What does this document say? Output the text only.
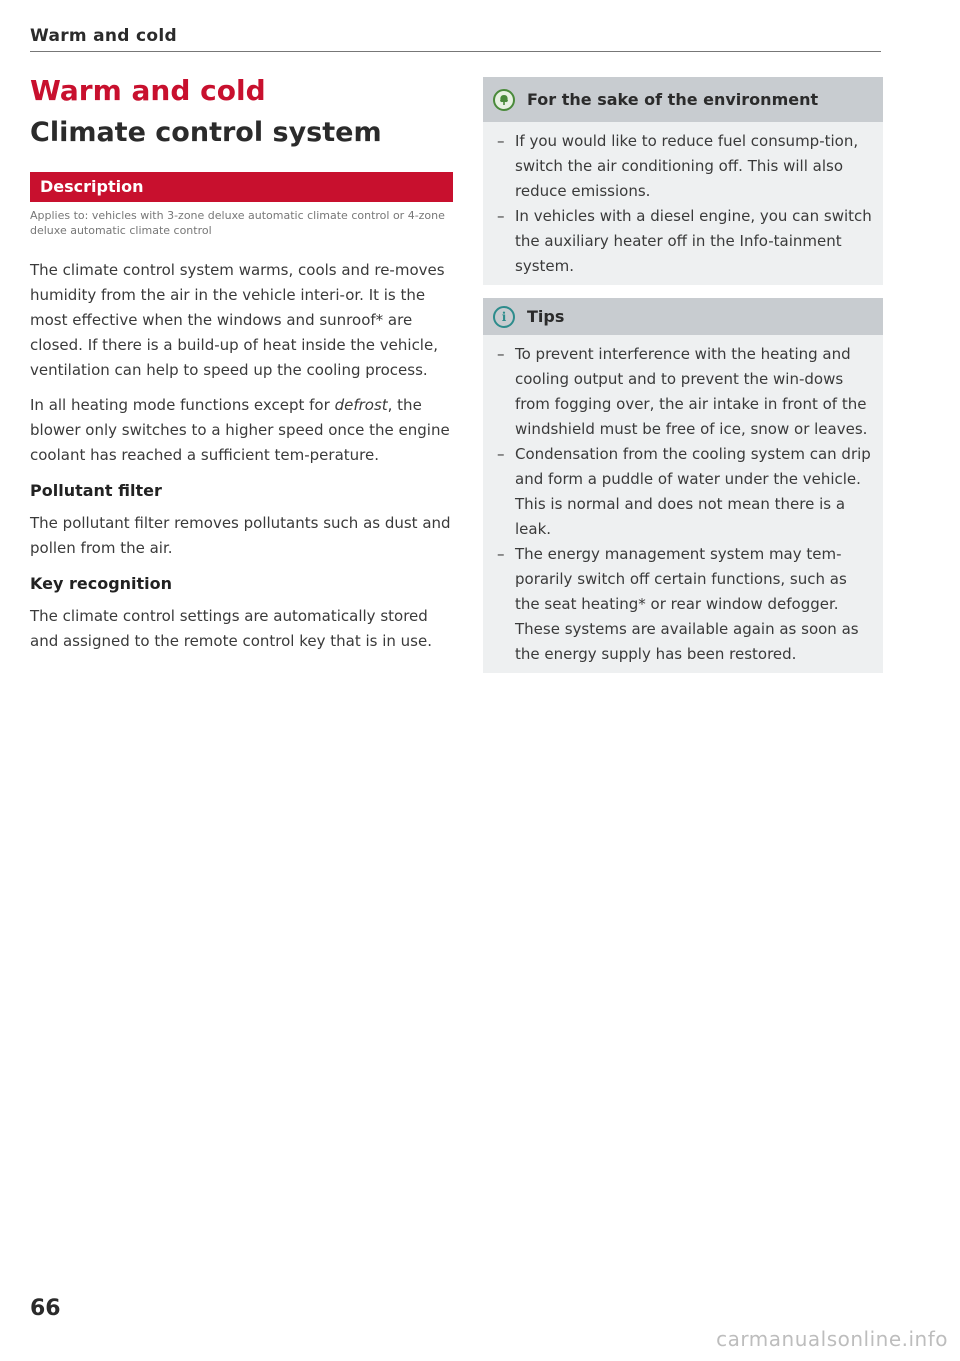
Warm and cold
Warm and cold
Climate control system
Description
Applies to: vehicles with 3-zone deluxe automatic climate control or 4-zone deluxe automatic climate control

The climate control system warms, cools and re-moves humidity from the air in the vehicle interi-or. It is the most effective when the windows and sunroof* are closed. If there is a build-up of heat inside the vehicle, ventilation can help to speed up the cooling process.

In all heating mode functions except for defrost, the blower only switches to a higher speed once the engine coolant has reached a sufficient tem-perature.

Pollutant filter

The pollutant filter removes pollutants such as dust and pollen from the air.

Key recognition

The climate control settings are automatically stored and assigned to the remote control key that is in use.

For the sake of the environment
– If you would like to reduce fuel consump-tion, switch the air conditioning off. This will also reduce emissions.
– In vehicles with a diesel engine, you can switch the auxiliary heater off in the Info-tainment system.
i Tips
– To prevent interference with the heating and cooling output and to prevent the win-dows from fogging over, the air intake in front of the windshield must be free of ice, snow or leaves.
– Condensation from the cooling system can drip and form a puddle of water under the vehicle. This is normal and does not mean there is a leak.
– The energy management system may tem-porarily switch off certain functions, such as the seat heating* or rear window defogger. These systems are available again as soon as the energy supply has been restored.
66
carmanualsonline.info
